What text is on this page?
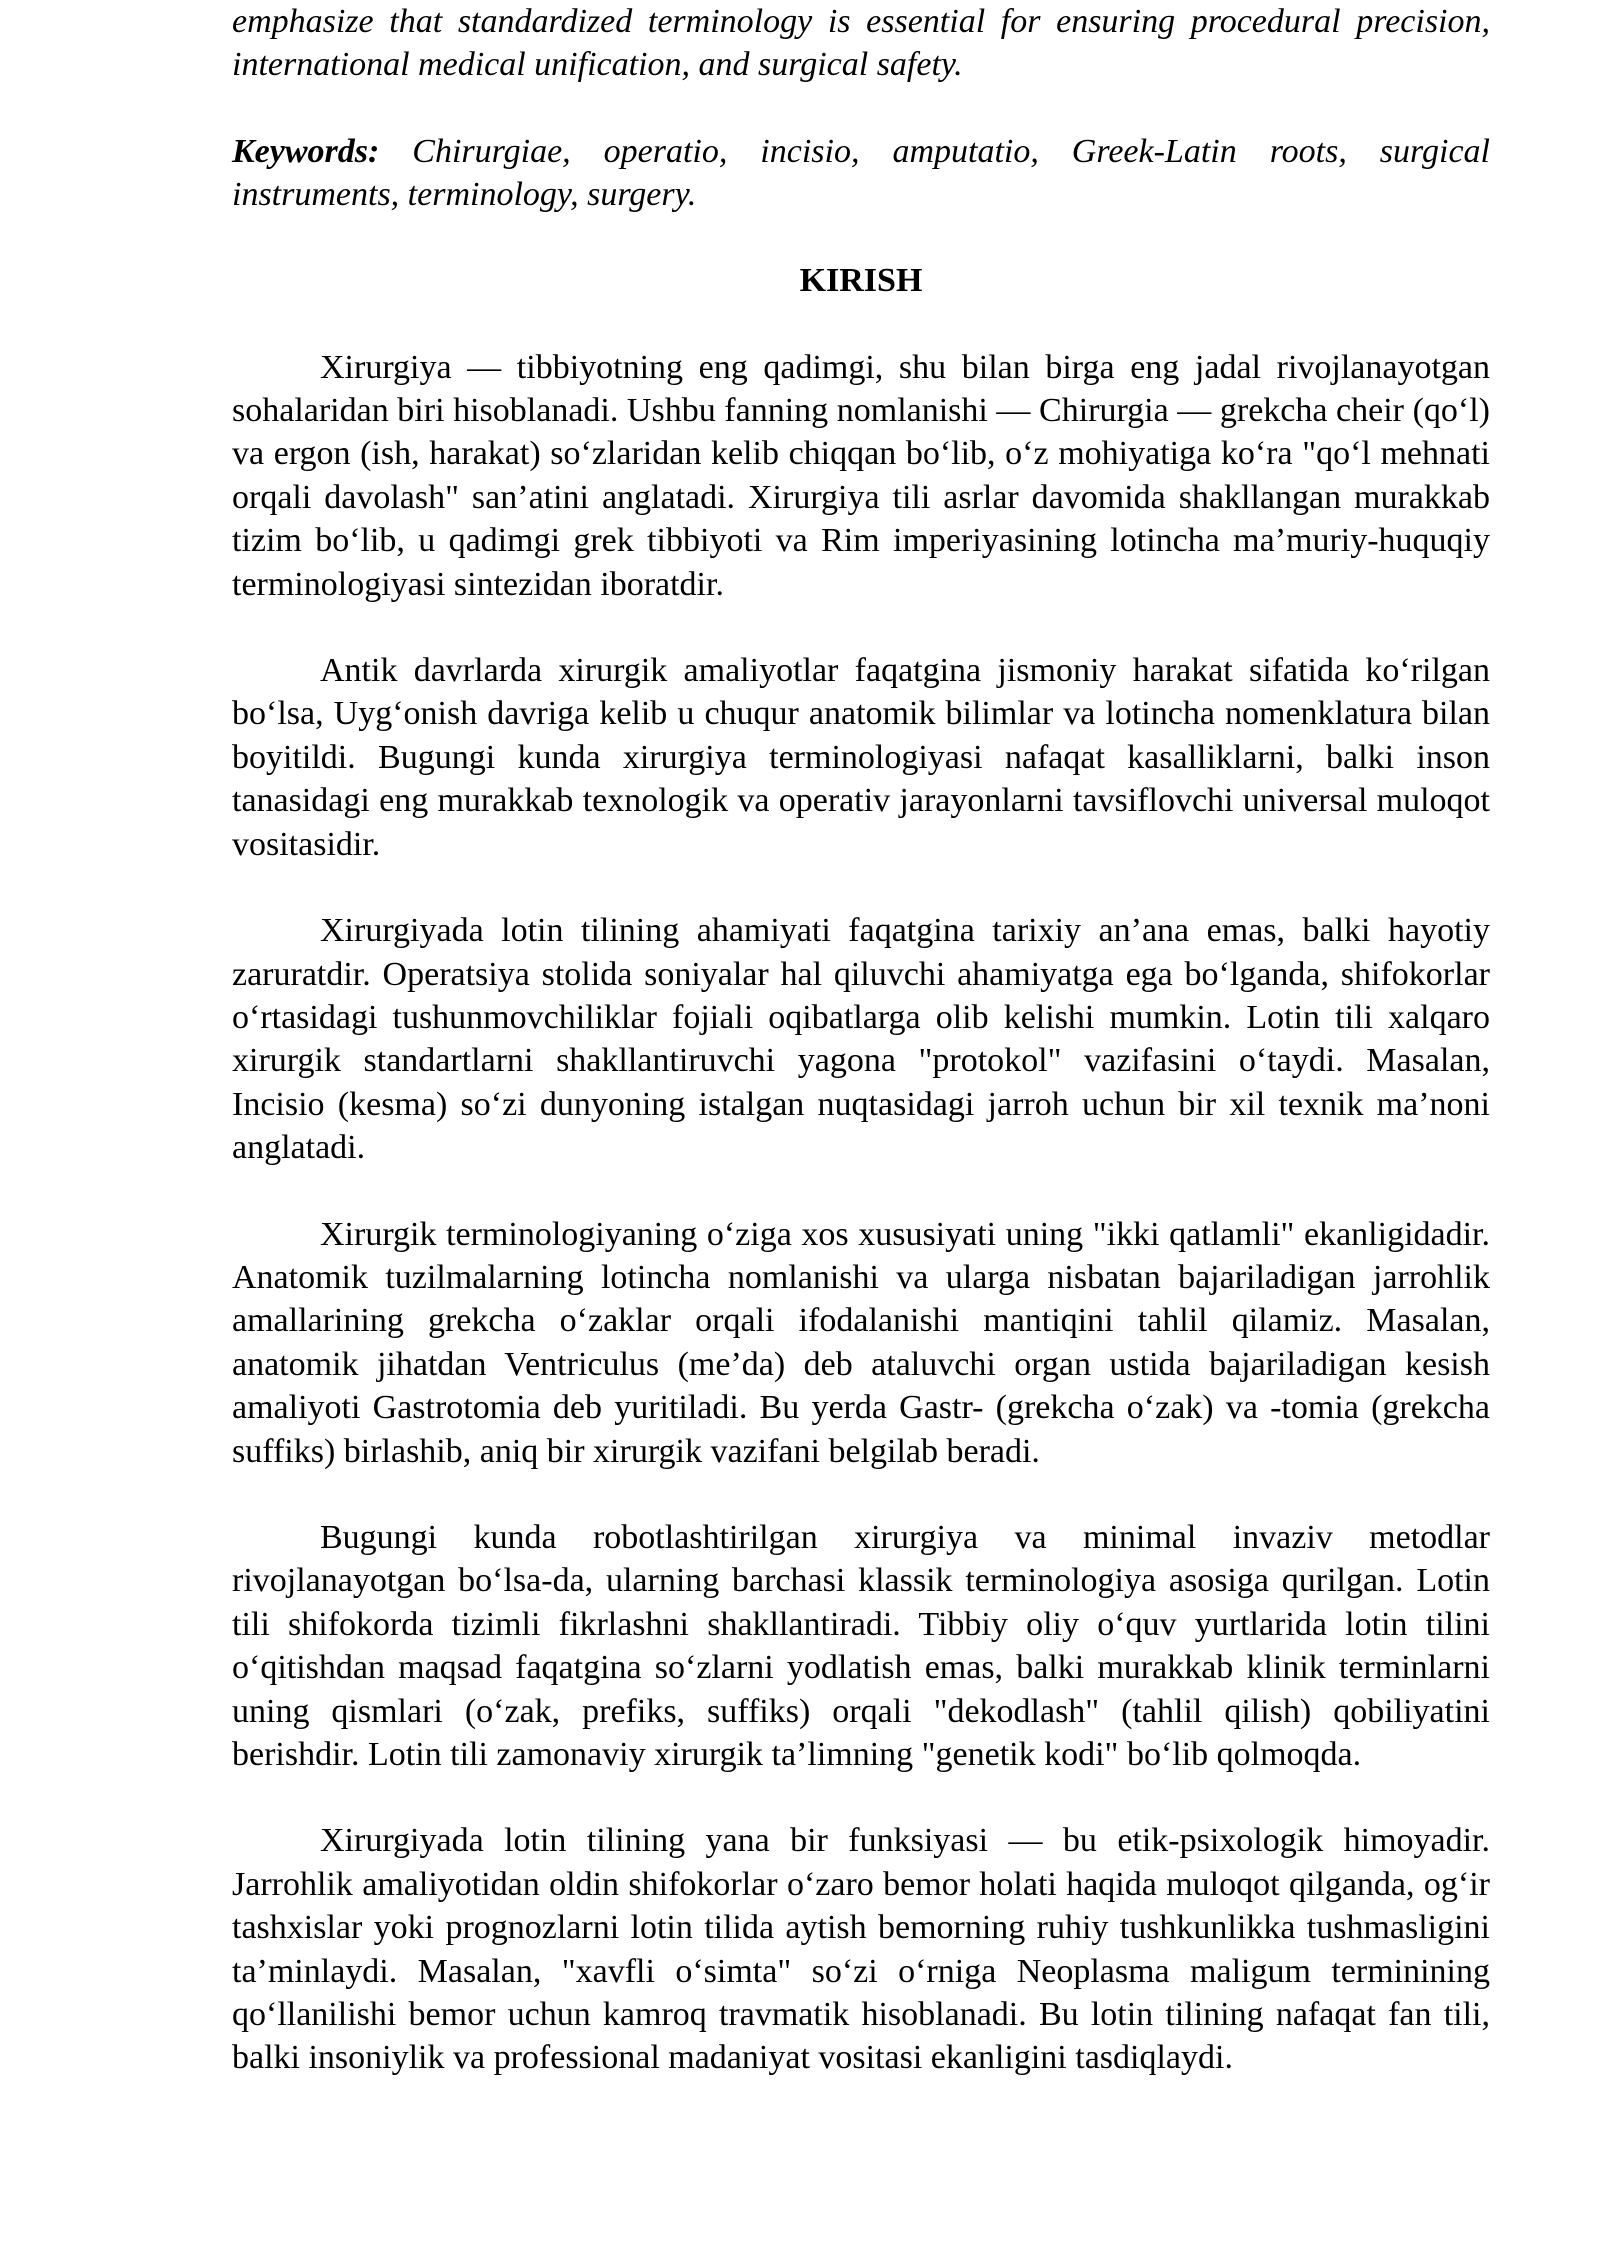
emphasize that standardized terminology is essential for ensuring procedural precision, international medical unification, and surgical safety.

Keywords: Chirurgiae, operatio, incisio, amputatio, Greek-Latin roots, surgical instruments, terminology, surgery.

KIRISH

Xirurgiya — tibbiyotning eng qadimgi, shu bilan birga eng jadal rivojlanayotgan sohalaridan biri hisoblanadi. Ushbu fanning nomlanishi — Chirurgia — grekcha cheir (qo‘l) va ergon (ish, harakat) so‘zlaridan kelib chiqqan bo‘lib, o‘z mohiyatiga ko‘ra "qo‘l mehnati orqali davolash" san’atini anglatadi. Xirurgiya tili asrlar davomida shakllangan murakkab tizim bo‘lib, u qadimgi grek tibbiyoti va Rim imperiyasining lotincha ma’muriy-huquqiy terminologiyasi sintezidan iboratdir.

Antik davrlarda xirurgik amaliyotlar faqatgina jismoniy harakat sifatida ko‘rilgan bo‘lsa, Uyg‘onish davriga kelib u chuqur anatomik bilimlar va lotincha nomenklatura bilan boyitildi. Bugungi kunda xirurgiya terminologiyasi nafaqat kasalliklarni, balki inson tanasidagi eng murakkab texnologik va operativ jarayonlarni tavsiflovchi universal muloqot vositasidir.

Xirurgiyada lotin tilining ahamiyati faqatgina tarixiy an’ana emas, balki hayotiy zaruratdir. Operatsiya stolida soniyalar hal qiluvchi ahamiyatga ega bo‘lganda, shifokorlar o‘rtasidagi tushunmovchiliklar fojiali oqibatlarga olib kelishi mumkin. Lotin tili xalqaro xirurgik standartlarni shakllantiruvchi yagona "protokol" vazifasini o‘taydi. Masalan, Incisio (kesma) so‘zi dunyoning istalgan nuqtasidagi jarroh uchun bir xil texnik ma’noni anglatadi.

Xirurgik terminologiyaning o‘ziga xos xususiyati uning "ikki qatlamli" ekanligidadir. Anatomik tuzilmalarning lotincha nomlanishi va ularga nisbatan bajariladigan jarrohlik amallarining grekcha o‘zaklar orqali ifodalanishi mantiqini tahlil qilamiz. Masalan, anatomik jihatdan Ventriculus (me’da) deb ataluvchi organ ustida bajariladigan kesish amaliyoti Gastrotomia deb yuritiladi. Bu yerda Gastr- (grekcha o‘zak) va -tomia (grekcha suffiks) birlashib, aniq bir xirurgik vazifani belgilab beradi.

Bugungi kunda robotlashtirilgan xirurgiya va minimal invaziv metodlar rivojlanayotgan bo‘lsa-da, ularning barchasi klassik terminologiya asosiga qurilgan. Lotin tili shifokorda tizimli fikrlashni shakllantiradi. Tibbiy oliy o‘quv yurtlarida lotin tilini o‘qitishdan maqsad faqatgina so‘zlarni yodlatish emas, balki murakkab klinik terminlarni uning qismlari (o‘zak, prefiks, suffiks) orqali "dekodlash" (tahlil qilish) qobiliyatini berishdir. Lotin tili zamonaviy xirurgik ta’limning "genetik kodi" bo‘lib qolmoqda.

Xirurgiyada lotin tilining yana bir funksiyasi — bu etik-psixologik himoyadir. Jarrohlik amaliyotidan oldin shifokorlar o‘zaro bemor holati haqida muloqot qilganda, og‘ir tashxislar yoki prognozlarni lotin tilida aytish bemorning ruhiy tushkunlikka tushmasligini ta’minlaydi. Masalan, "xavfli o‘simta" so‘zi o‘rniga Neoplasma maligum terminining qo‘llanilishi bemor uchun kamroq travmatik hisoblanadi. Bu lotin tilining nafaqat fan tili, balki insoniylik va professional madaniyat vositasi ekanligini tasdiqlaydi.
